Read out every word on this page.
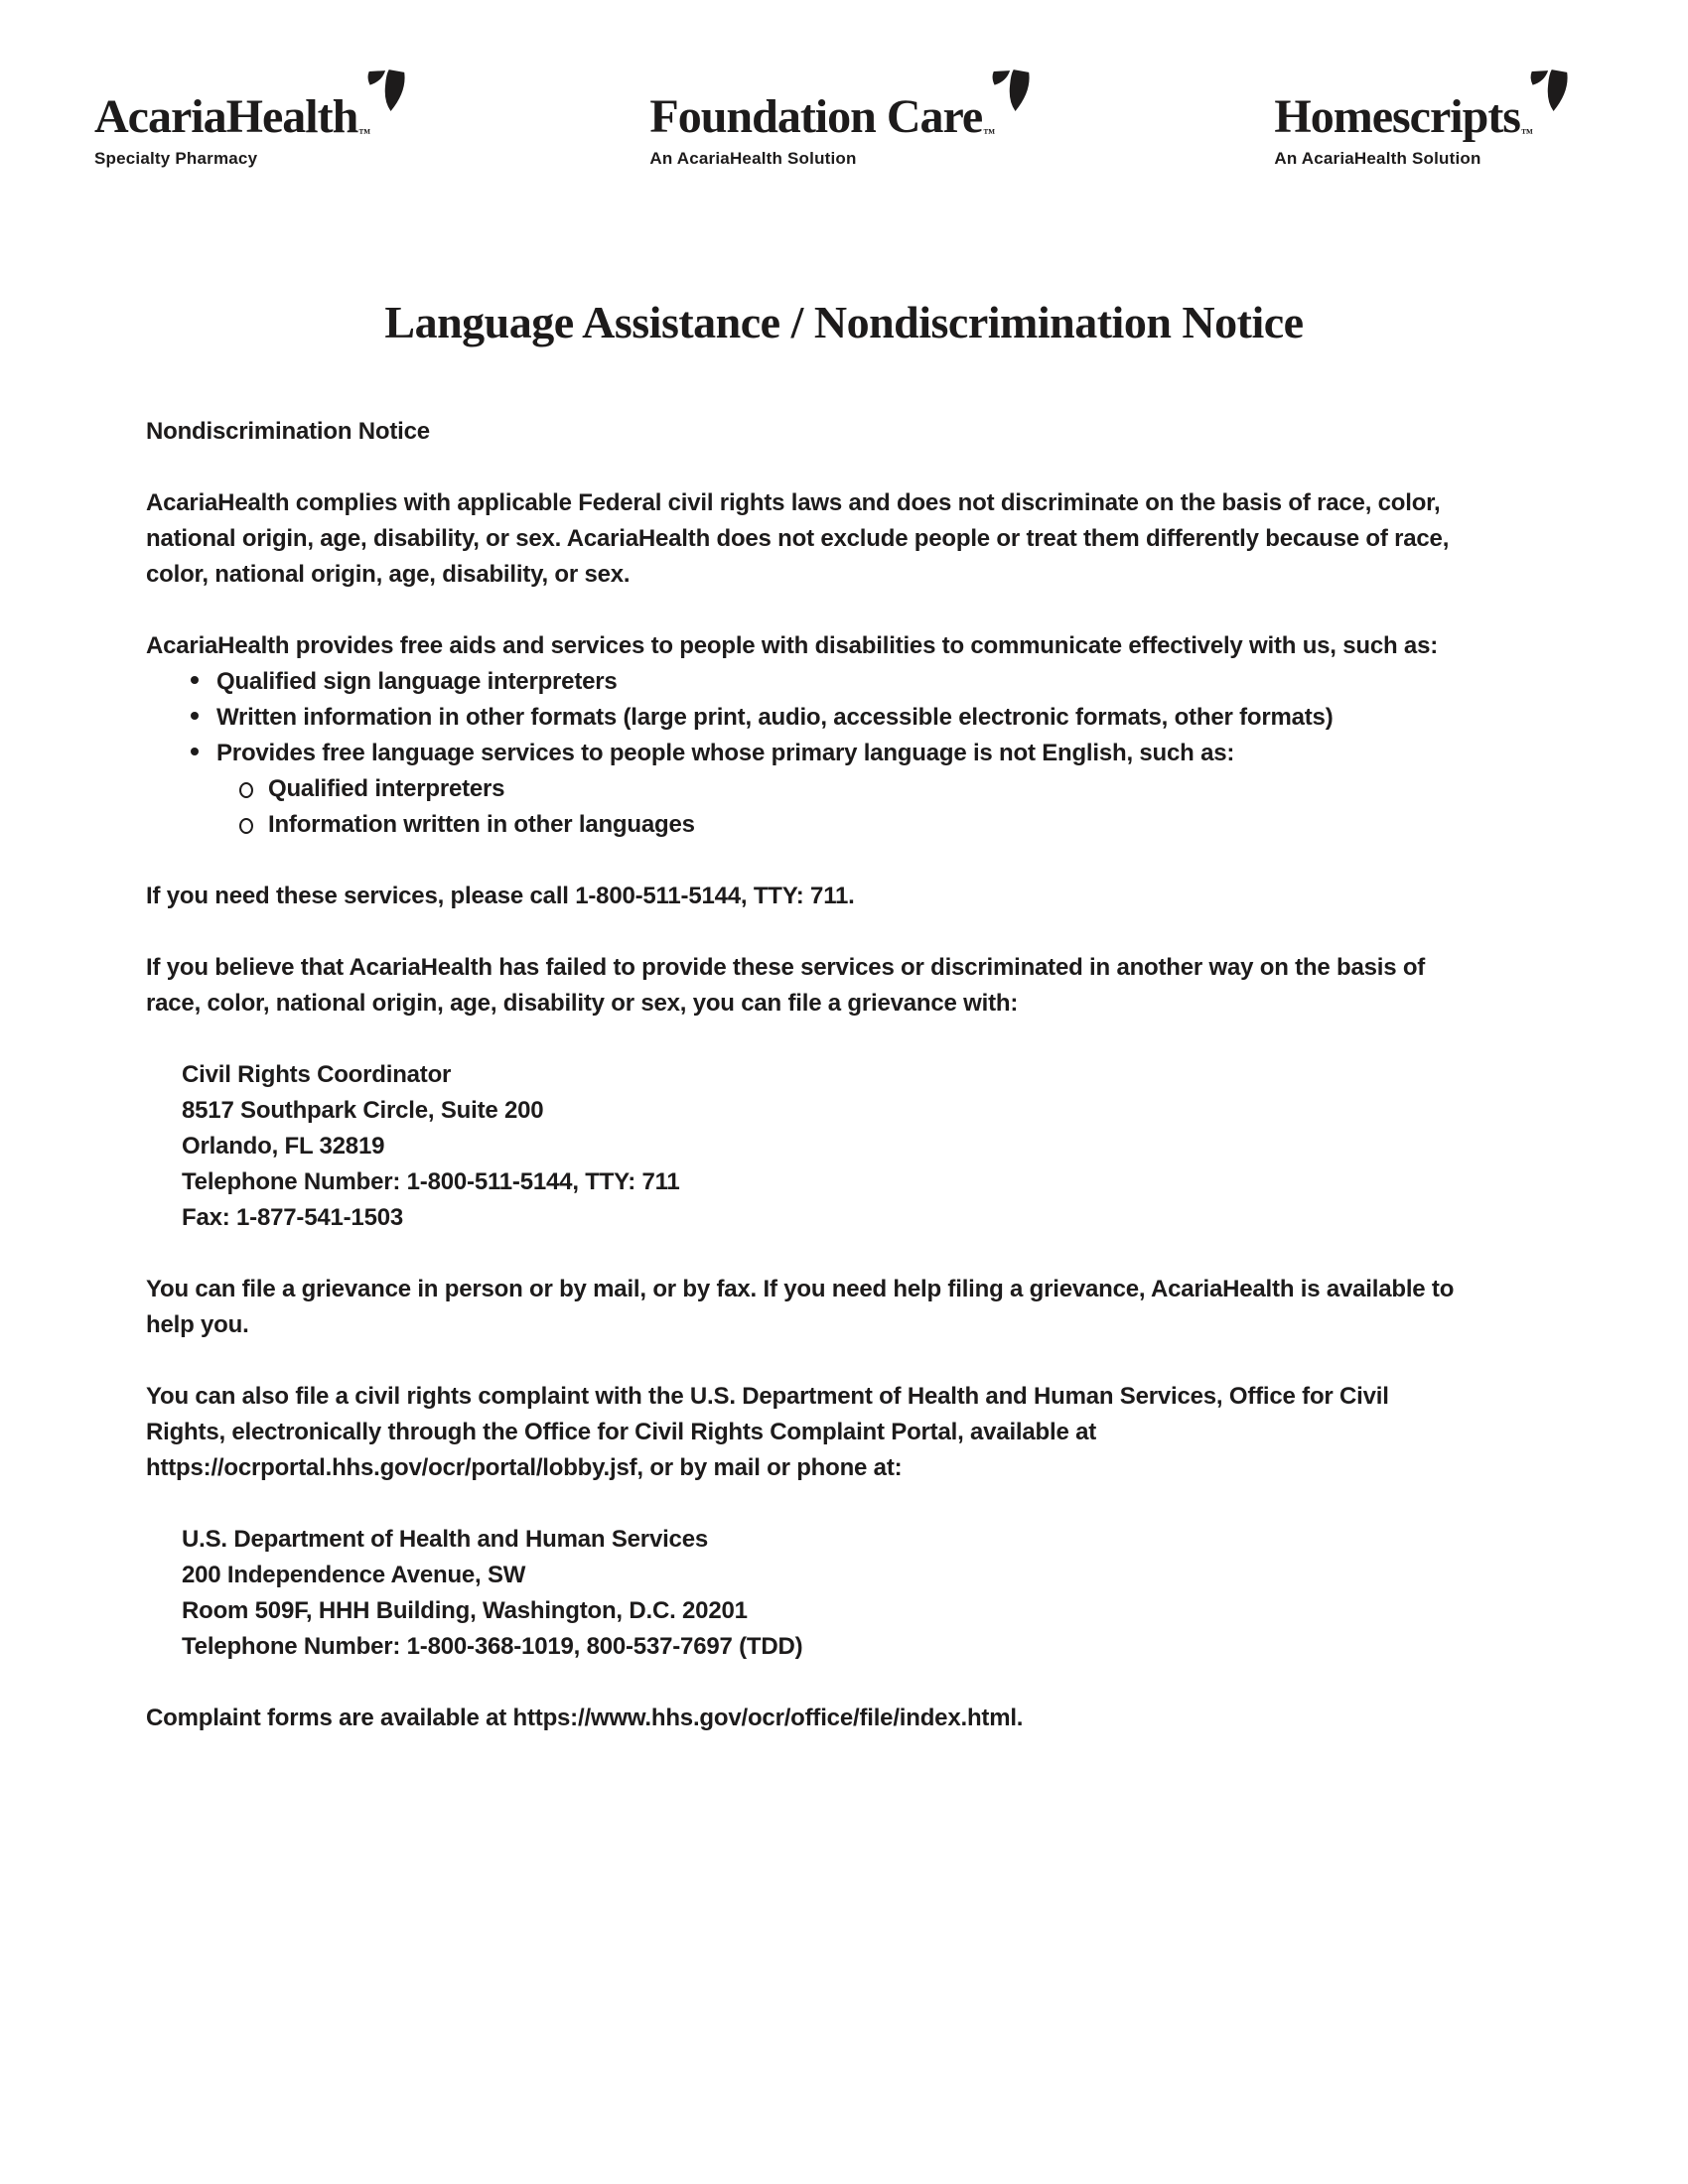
AcariaHealth ™
Specialty Pharmacy
Foundation Care ™
An AcariaHealth Solution
Homescripts ™
An AcariaHealth Solution
Language Assistance / Nondiscrimination Notice

Nondiscrimination Notice

AcariaHealth complies with applicable Federal civil rights laws and does not discriminate on the basis of race, color, national origin, age, disability, or sex. AcariaHealth does not exclude people or treat them differently because of race, color, national origin, age, disability, or sex.

AcariaHealth provides free aids and services to people with disabilities to communicate effectively with us, such as:

Qualified sign language interpreters
Written information in other formats (large print, audio, accessible electronic formats, other formats)
Provides free language services to people whose primary language is not English, such as:
Qualified interpreters
Information written in other languages

If you need these services, please call 1-800-511-5144, TTY: 711.

If you believe that AcariaHealth has failed to provide these services or discriminated in another way on the basis of race, color, national origin, age, disability or sex, you can file a grievance with:

Civil Rights Coordinator
8517 Southpark Circle, Suite 200
Orlando, FL 32819
Telephone Number: 1-800-511-5144, TTY: 711
Fax: 1-877-541-1503

You can file a grievance in person or by mail, or by fax. If you need help filing a grievance, AcariaHealth is available to help you.

You can also file a civil rights complaint with the U.S. Department of Health and Human Services, Office for Civil Rights, electronically through the Office for Civil Rights Complaint Portal, available at https://ocrportal.hhs.gov/ocr/portal/lobby.jsf, or by mail or phone at:

U.S. Department of Health and Human Services
200 Independence Avenue, SW
Room 509F, HHH Building, Washington, D.C. 20201
Telephone Number: 1-800-368-1019, 800-537-7697 (TDD)

Complaint forms are available at https://www.hhs.gov/ocr/office/file/index.html.
